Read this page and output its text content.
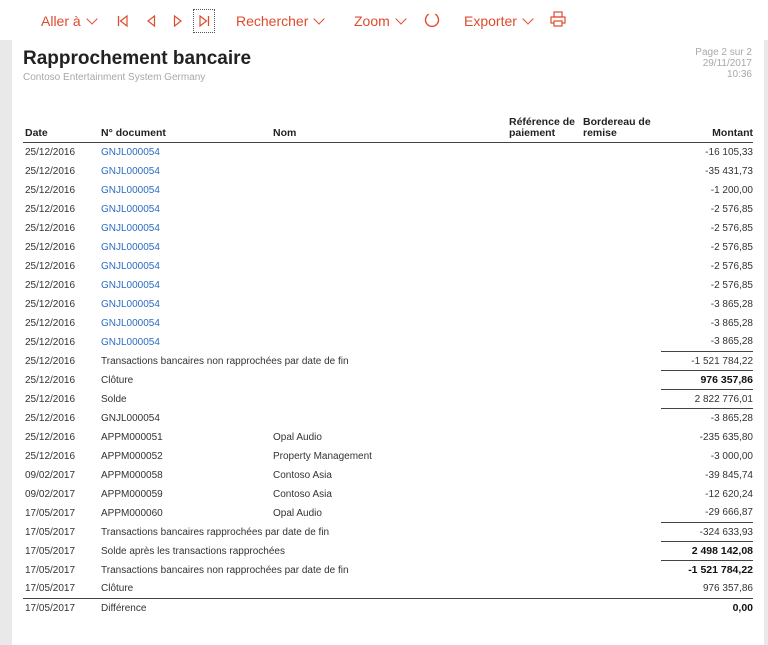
Aller à	Rechercher	Zoom	Exporter
Rapprochement bancaire
Contoso Entertainment System Germany
Page 2 sur 2
29/11/2017
10:36
Date	N° document	Nom	Référence de paiement	Bordereau de remise	Montant
25/12/2016	GNJL000054				-16 105,33
25/12/2016	GNJL000054				-35 431,73
25/12/2016	GNJL000054				-1 200,00
25/12/2016	GNJL000054				-2 576,85
25/12/2016	GNJL000054				-2 576,85
25/12/2016	GNJL000054				-2 576,85
25/12/2016	GNJL000054				-2 576,85
25/12/2016	GNJL000054				-2 576,85
25/12/2016	GNJL000054				-3 865,28
25/12/2016	GNJL000054				-3 865,28
25/12/2016	GNJL000054				-3 865,28
25/12/2016	Transactions bancaires non rapprochées par date de fin				-1 521 784,22
25/12/2016	Clôture				976 357,86
25/12/2016	Solde				2 822 776,01
25/12/2016	GNJL000054				-3 865,28
25/12/2016	APPM000051	Opal Audio			-235 635,80
25/12/2016	APPM000052	Property Management			-3 000,00
09/02/2017	APPM000058	Contoso Asia			-39 845,74
09/02/2017	APPM000059	Contoso Asia			-12 620,24
17/05/2017	APPM000060	Opal Audio			-29 666,87
17/05/2017	Transactions bancaires rapprochées par date de fin				-324 633,93
17/05/2017	Solde après les transactions rapprochées				2 498 142,08
17/05/2017	Transactions bancaires non rapprochées par date de fin				-1 521 784,22
17/05/2017	Clôture				976 357,86
17/05/2017	Différence				0,00
